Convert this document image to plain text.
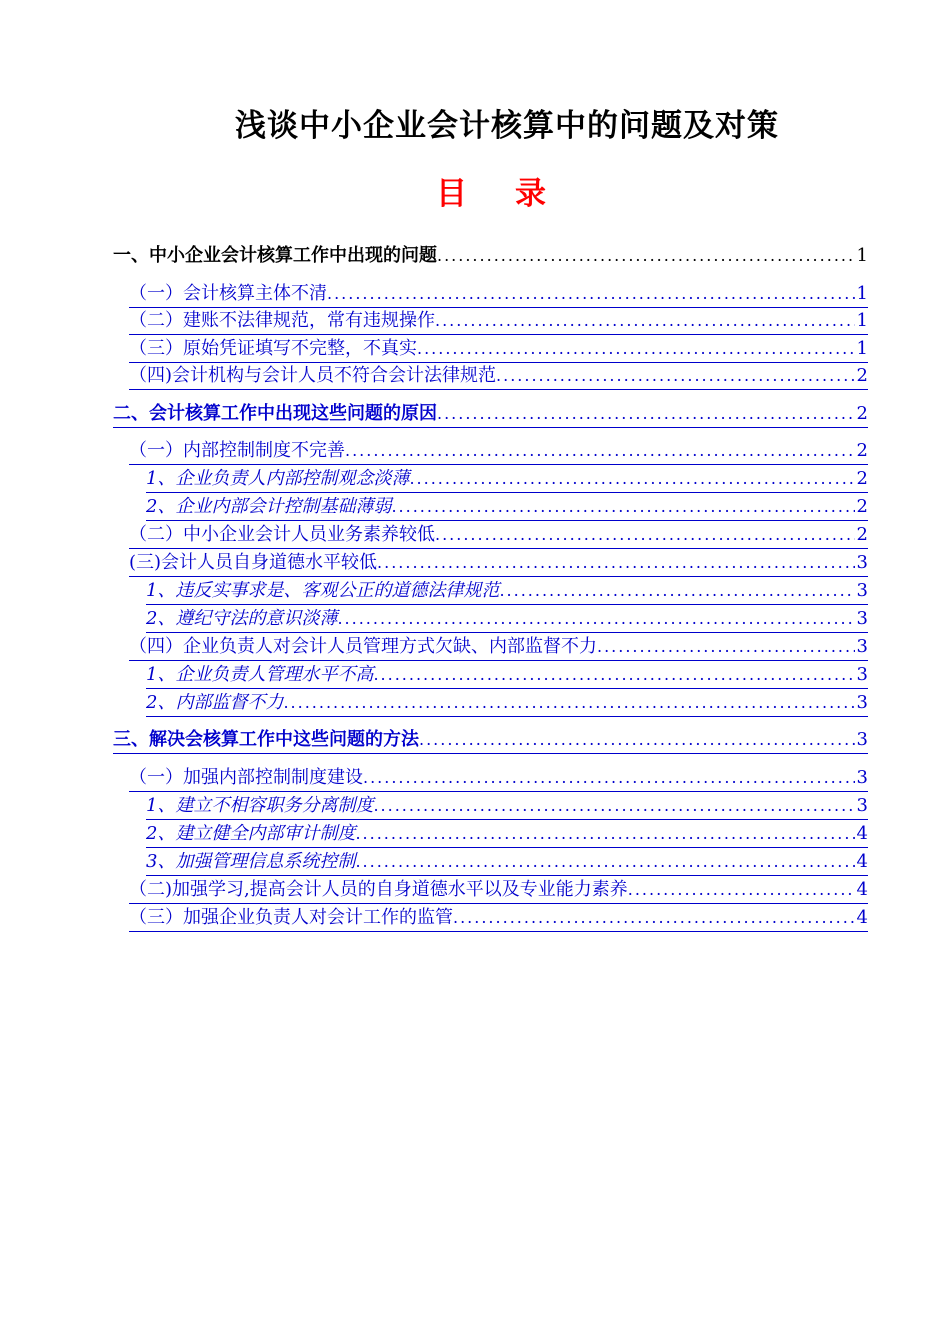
浅谈中小企业会计核算中的问题及对策
目录
一、中小企业会计核算工作中出现的问题 .....	1
（一）会计核算主体不清 .....	1
（二）建账不法律规范，常有违规操作 .....	1
（三）原始凭证填写不完整，不真实 .....	1
（四)会计机构与会计人员不符合会计法律规范 .....	2
二、会计核算工作中出现这些问题的原因 .....	2
（一）内部控制制度不完善 .....	2
1、企业负责人内部控制观念淡薄 .....	2
2、企业内部会计控制基础薄弱 .....	2
（二）中小企业会计人员业务素养较低 .....	2
(三)会计人员自身道德水平较低 .....	3
1、违反实事求是、客观公正的道德法律规范 .....	3
2、遵纪守法的意识淡薄 .....	3
（四）企业负责人对会计人员管理方式欠缺、内部监督不力 .....	3
1、企业负责人管理水平不高 .....	3
2、内部监督不力 .....	3
三、解决会核算工作中这些问题的方法 .....	3
（一）加强内部控制制度建设 .....	3
1、建立不相容职务分离制度 .....	3
2、建立健全内部审计制度 .....	4
3、加强管理信息系统控制 .....	4
（二)加强学习,提高会计人员的自身道德水平以及专业能力素养 .....	4
（三）加强企业负责人对会计工作的监管 .....	4
